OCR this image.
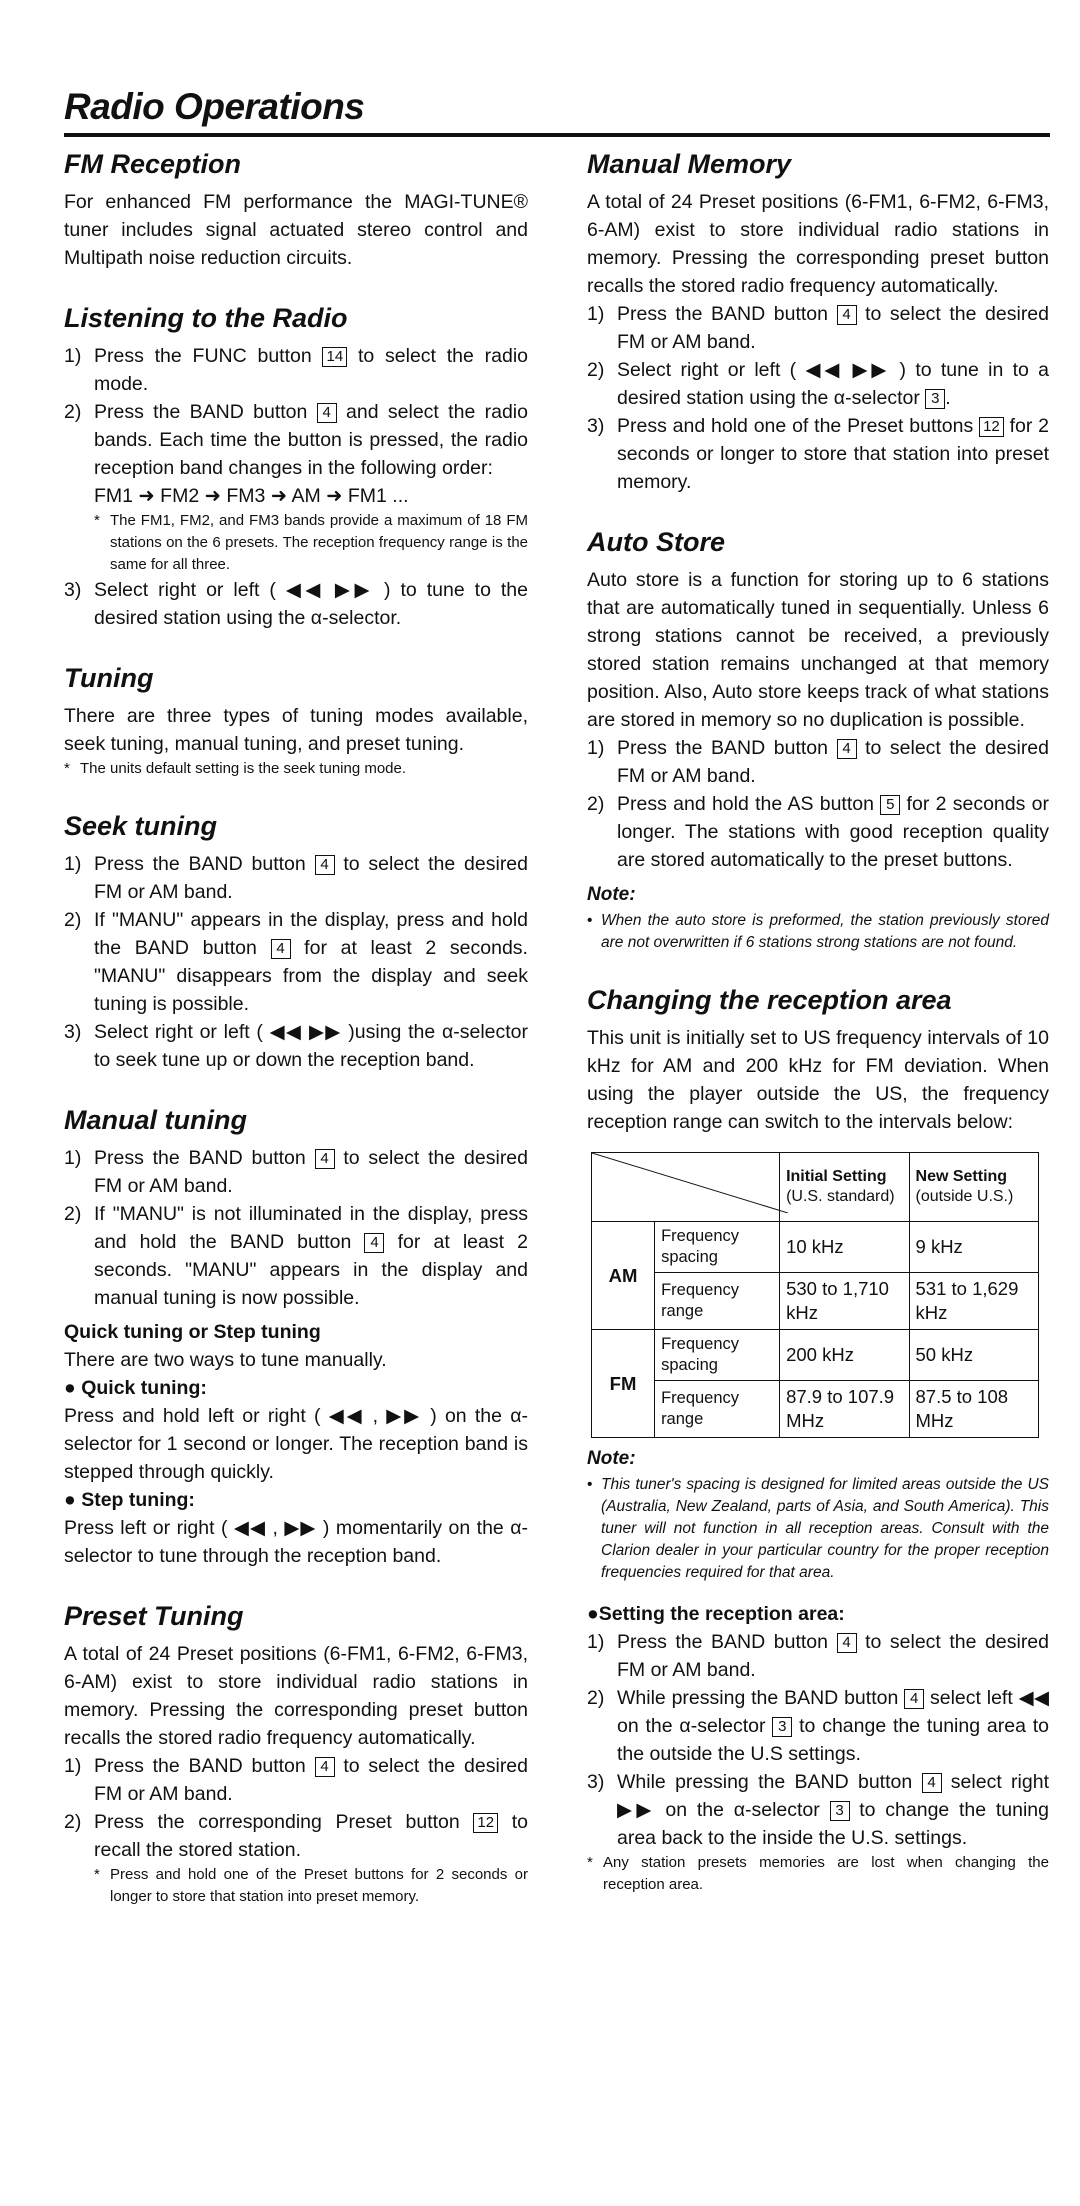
Radio Operations
FM Reception

For enhanced FM performance the MAGI-TUNE® tuner includes signal actuated stereo control and Multipath noise reduction circuits.

Listening to the Radio
1) Press the FUNC button 14 to select the radio mode.
2) Press the BAND button 4 and select the radio bands. Each time the button is pressed, the radio reception band changes in the following order:
FM1 ➜ FM2 ➜ FM3 ➜ AM ➜ FM1 ...
* The FM1, FM2, and FM3 bands provide a maximum of 18 FM stations on the 6 presets. The reception frequency range is the same for all three.
3) Select right or left ( ◀◀ ▶▶ ) to tune to the desired station using the α-selector.
Tuning

There are three types of tuning modes available, seek tuning, manual tuning, and preset tuning.

* The units default setting is the seek tuning mode.
Seek tuning
1) Press the BAND button 4 to select the desired FM or AM band.
2) If "MANU" appears in the display, press and hold the BAND button 4 for at least 2 seconds. "MANU" disappears from the display and seek tuning is possible.
3) Select right or left ( ◀◀ ▶▶ )using the α-selector to seek tune up or down the reception band.
Manual tuning
1) Press the BAND button 4 to select the desired FM or AM band.
2) If "MANU" is not illuminated in the display, press and hold the BAND button 4 for at least 2 seconds. "MANU" appears in the display and manual tuning is now possible.
Quick tuning or Step tuning

There are two ways to tune manually.

● Quick tuning:

Press and hold left or right ( ◀◀ , ▶▶ ) on the α-selector for 1 second or longer. The reception band is stepped through quickly.

● Step tuning:

Press left or right ( ◀◀ , ▶▶ ) momentarily on the α-selector to tune through the reception band.

Preset Tuning

A total of 24 Preset positions (6-FM1, 6-FM2, 6-FM3, 6-AM) exist to store individual radio stations in memory. Pressing the corresponding preset button recalls the stored radio frequency automatically.

1) Press the BAND button 4 to select the desired FM or AM band.
2) Press the corresponding Preset button 12 to recall the stored station.
* Press and hold one of the Preset buttons for 2 seconds or longer to store that station into preset memory.
Manual Memory

A total of 24 Preset positions (6-FM1, 6-FM2, 6-FM3, 6-AM) exist to store individual radio stations in memory. Pressing the corresponding preset button recalls the stored radio frequency automatically.

1) Press the BAND button 4 to select the desired FM or AM band.
2) Select right or left ( ◀◀ ▶▶ ) to tune in to a desired station using the α-selector 3 .
3) Press and hold one of the Preset buttons 12 for 2 seconds or longer to store that station into preset memory.
Auto Store

Auto store is a function for storing up to 6 stations that are automatically tuned in sequentially. Unless 6 strong stations cannot be received, a previously stored station remains unchanged at that memory position. Also, Auto store keeps track of what stations are stored in memory so no duplication is possible.

1) Press the BAND button 4 to select the desired FM or AM band.
2) Press and hold the AS button 5 for 2 seconds or longer. The stations with good reception quality are stored automatically to the preset buttons.
Note:
• When the auto store is preformed, the station previously stored are not overwritten if 6 stations strong stations are not found.
Changing the reception area

This unit is initially set to US frequency intervals of 10 kHz for AM and 200 kHz for FM deviation. When using the player outside the US, the frequency reception range can switch to the intervals below:

	Initial Setting
(U.S. standard)	New Setting
(outside U.S.)
AM	Frequency spacing	10 kHz	9 kHz
	Frequency range	530 to 1,710 kHz	531 to 1,629 kHz
FM	Frequency spacing	200 kHz	50 kHz
	Frequency range	87.9 to 107.9 MHz	87.5 to 108 MHz
Note:
• This tuner's spacing is designed for limited areas outside the US (Australia, New Zealand, parts of Asia, and South America). This tuner will not function in all reception areas. Consult with the Clarion dealer in your particular country for the proper reception frequencies required for that area.
●Setting the reception area:
1) Press the BAND button 4 to select the desired FM or AM band.
2) While pressing the BAND button 4 select left ◀◀ on the α-selector 3 to change the tuning area to the outside the U.S settings.
3) While pressing the BAND button 4 select right ▶▶ on the α-selector 3 to change the tuning area back to the inside the U.S. settings.
* Any station presets memories are lost when changing the reception area.
